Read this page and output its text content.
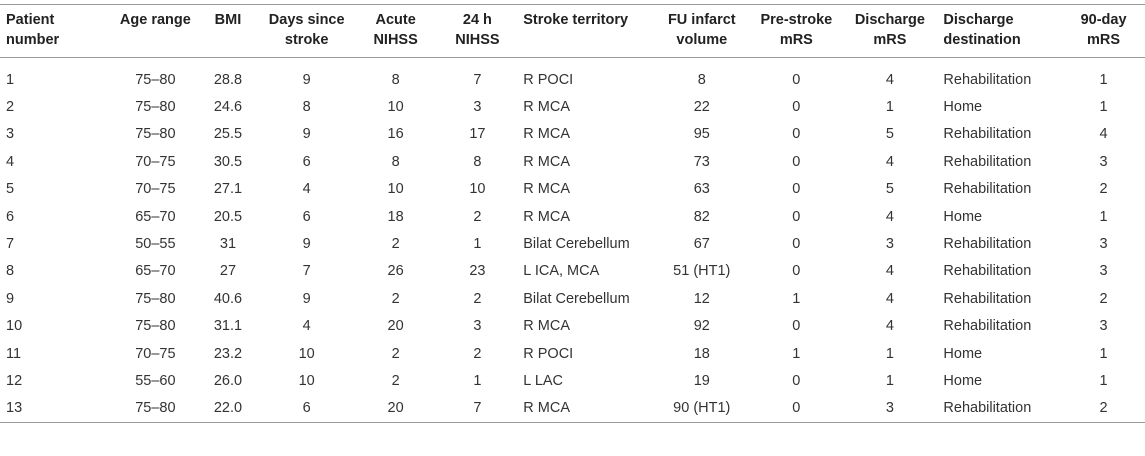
Patient number	Age range	BMI	Days since stroke	Acute NIHSS	24 h NIHSS	Stroke territory	FU infarct volume	Pre-stroke mRS	Discharge mRS	Discharge destination	90-day mRS
1	75–80	28.8	9	8	7	R POCI	8	0	4	Rehabilitation	1
2	75–80	24.6	8	10	3	R MCA	22	0	1	Home	1
3	75–80	25.5	9	16	17	R MCA	95	0	5	Rehabilitation	4
4	70–75	30.5	6	8	8	R MCA	73	0	4	Rehabilitation	3
5	70–75	27.1	4	10	10	R MCA	63	0	5	Rehabilitation	2
6	65–70	20.5	6	18	2	R MCA	82	0	4	Home	1
7	50–55	31	9	2	1	Bilat Cerebellum	67	0	3	Rehabilitation	3
8	65–70	27	7	26	23	L ICA, MCA	51 (HT1)	0	4	Rehabilitation	3
9	75–80	40.6	9	2	2	Bilat Cerebellum	12	1	4	Rehabilitation	2
10	75–80	31.1	4	20	3	R MCA	92	0	4	Rehabilitation	3
11	70–75	23.2	10	2	2	R POCI	18	1	1	Home	1
12	55–60	26.0	10	2	1	L LAC	19	0	1	Home	1
13	75–80	22.0	6	20	7	R MCA	90 (HT1)	0	3	Rehabilitation	2
